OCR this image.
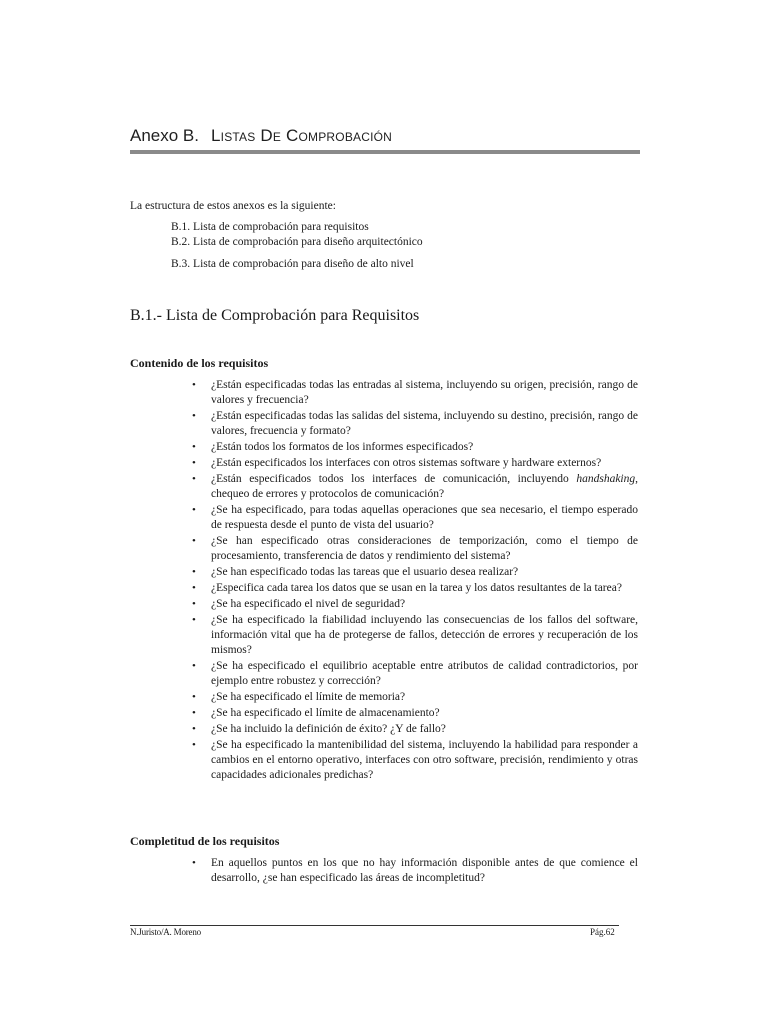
Anexo B. Listas De Comprobación

La estructura de estos anexos es la siguiente:

B.1. Lista de comprobación para requisitos
B.2. Lista de comprobación para diseño arquitectónico
B.3. Lista de comprobación para diseño de alto nivel
B.1.- Lista de Comprobación para Requisitos
Contenido de los requisitos
• ¿Están especificadas todas las entradas al sistema, incluyendo su origen, precisión, rango de valores y frecuencia?
• ¿Están especificadas todas las salidas del sistema, incluyendo su destino, precisión, rango de valores, frecuencia y formato?
• ¿Están todos los formatos de los informes especificados?
• ¿Están especificados los interfaces con otros sistemas software y hardware externos?
• ¿Están especificados todos los interfaces de comunicación, incluyendo handshaking, chequeo de errores y protocolos de comunicación?
• ¿Se ha especificado, para todas aquellas operaciones que sea necesario, el tiempo esperado de respuesta desde el punto de vista del usuario?
• ¿Se han especificado otras consideraciones de temporización, como el tiempo de procesamiento, transferencia de datos y rendimiento del sistema?
• ¿Se han especificado todas las tareas que el usuario desea realizar?
• ¿Especifica cada tarea los datos que se usan en la tarea y los datos resultantes de la tarea?
• ¿Se ha especificado el nivel de seguridad?
• ¿Se ha especificado la fiabilidad incluyendo las consecuencias de los fallos del software, información vital que ha de protegerse de fallos, detección de errores y recuperación de los mismos?
• ¿Se ha especificado el equilibrio aceptable entre atributos de calidad contradictorios, por ejemplo entre robustez y corrección?
• ¿Se ha especificado el límite de memoria?
• ¿Se ha especificado el límite de almacenamiento?
• ¿Se ha incluido la definición de éxito? ¿Y de fallo?
• ¿Se ha especificado la mantenibilidad del sistema, incluyendo la habilidad para responder a cambios en el entorno operativo, interfaces con otro software, precisión, rendimiento y otras capacidades adicionales predichas?
Completitud de los requisitos
• En aquellos puntos en los que no hay información disponible antes de que comience el desarrollo, ¿se han especificado las áreas de incompletitud?
N.Juristo/A. Moreno	Pág.62
